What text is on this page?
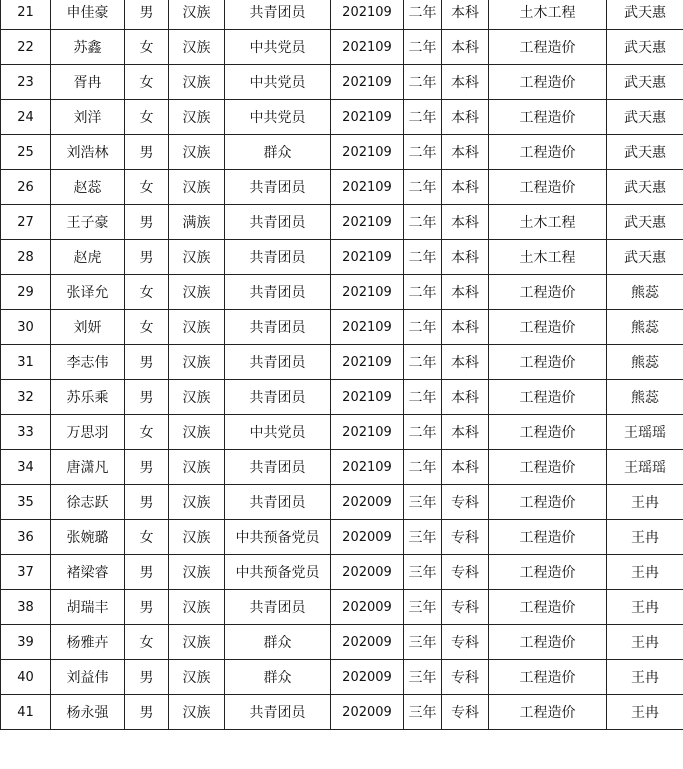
21	申佳豪	男	汉族	共青团员	202109	二年	本科	土木工程	武天惠
22	苏鑫	女	汉族	中共党员	202109	二年	本科	工程造价	武天惠
23	胥冉	女	汉族	中共党员	202109	二年	本科	工程造价	武天惠
24	刘洋	女	汉族	中共党员	202109	二年	本科	工程造价	武天惠
25	刘浩林	男	汉族	群众	202109	二年	本科	工程造价	武天惠
26	赵蕊	女	汉族	共青团员	202109	二年	本科	工程造价	武天惠
27	王子豪	男	满族	共青团员	202109	二年	本科	土木工程	武天惠
28	赵虎	男	汉族	共青团员	202109	二年	本科	土木工程	武天惠
29	张译允	女	汉族	共青团员	202109	二年	本科	工程造价	熊蕊
30	刘妍	女	汉族	共青团员	202109	二年	本科	工程造价	熊蕊
31	李志伟	男	汉族	共青团员	202109	二年	本科	工程造价	熊蕊
32	苏乐乘	男	汉族	共青团员	202109	二年	本科	工程造价	熊蕊
33	万思羽	女	汉族	中共党员	202109	二年	本科	工程造价	王瑶瑶
34	唐潇凡	男	汉族	共青团员	202109	二年	本科	工程造价	王瑶瑶
35	徐志跃	男	汉族	共青团员	202009	三年	专科	工程造价	王冉
36	张婉璐	女	汉族	中共预备党员	202009	三年	专科	工程造价	王冉
37	褚梁睿	男	汉族	中共预备党员	202009	三年	专科	工程造价	王冉
38	胡瑞丰	男	汉族	共青团员	202009	三年	专科	工程造价	王冉
39	杨雅卉	女	汉族	群众	202009	三年	专科	工程造价	王冉
40	刘益伟	男	汉族	群众	202009	三年	专科	工程造价	王冉
41	杨永强	男	汉族	共青团员	202009	三年	专科	工程造价	王冉
